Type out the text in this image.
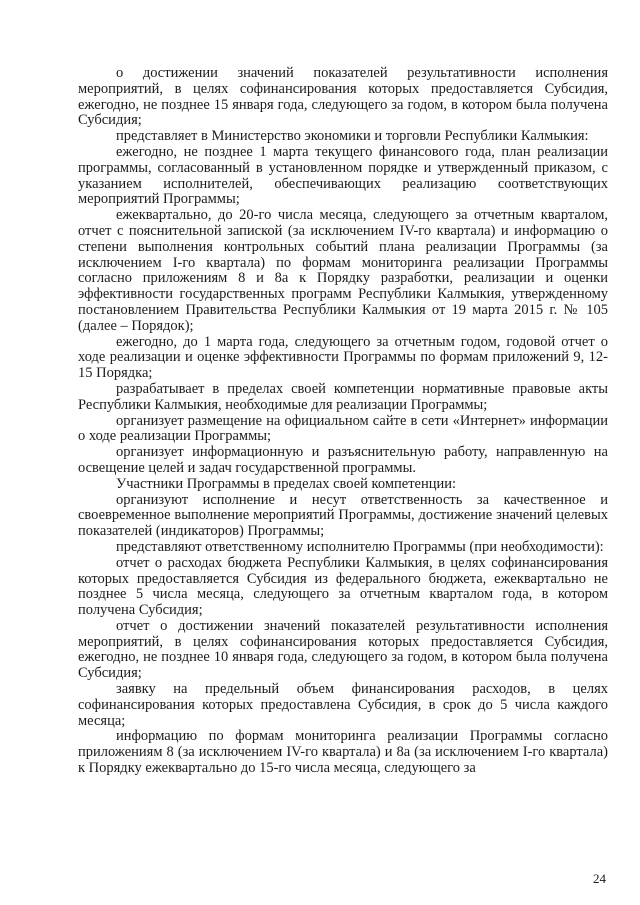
о достижении значений показателей результативности исполнения мероприятий, в целях софинансирования которых предоставляется Субсидия, ежегодно, не позднее 15 января года, следующего за годом, в котором была получена Субсидия;

представляет в Министерство экономики и торговли Республики Калмыкия:

ежегодно, не позднее 1 марта текущего финансового года, план реализации программы, согласованный в установленном порядке и утвержденный приказом, с указанием исполнителей, обеспечивающих реализацию соответствующих мероприятий Программы;

ежеквартально, до 20-го числа месяца, следующего за отчетным кварталом, отчет с пояснительной запиской (за исключением IV-го квартала) и информацию о степени выполнения контрольных событий плана реализации Программы (за исключением I-го квартала) по формам мониторинга реализации Программы согласно приложениям 8 и 8а к Порядку разработки, реализации и оценки эффективности государственных программ Республики Калмыкия, утвержденному постановлением Правительства Республики Калмыкия от 19 марта 2015 г. № 105 (далее – Порядок);

ежегодно, до 1 марта года, следующего за отчетным годом, годовой отчет о ходе реализации и оценке эффективности Программы по формам приложений 9, 12-15 Порядка;

разрабатывает в пределах своей компетенции нормативные правовые акты Республики Калмыкия, необходимые для реализации Программы;

организует размещение на официальном сайте в сети «Интернет» информации о ходе реализации Программы;

организует информационную и разъяснительную работу, направленную на освещение целей и задач государственной программы.

Участники Программы в пределах своей компетенции:

организуют исполнение и несут ответственность за качественное и своевременное выполнение мероприятий Программы, достижение значений целевых показателей (индикаторов) Программы;

представляют ответственному исполнителю Программы (при необходимости):

отчет о расходах бюджета Республики Калмыкия, в целях софинансирования которых предоставляется Субсидия из федерального бюджета, ежеквартально не позднее 5 числа месяца, следующего за отчетным кварталом года, в котором получена Субсидия;

отчет о достижении значений показателей результативности исполнения мероприятий, в целях софинансирования которых предоставляется Субсидия, ежегодно, не позднее 10 января года, следующего за годом, в котором была получена Субсидия;

заявку на предельный объем финансирования расходов, в целях софинансирования которых предоставлена Субсидия, в срок до 5 числа каждого месяца;

информацию по формам мониторинга реализации Программы согласно приложениям 8 (за исключением IV-го квартала) и 8а (за исключением I-го квартала) к Порядку ежеквартально до 15-го числа месяца, следующего за

24
